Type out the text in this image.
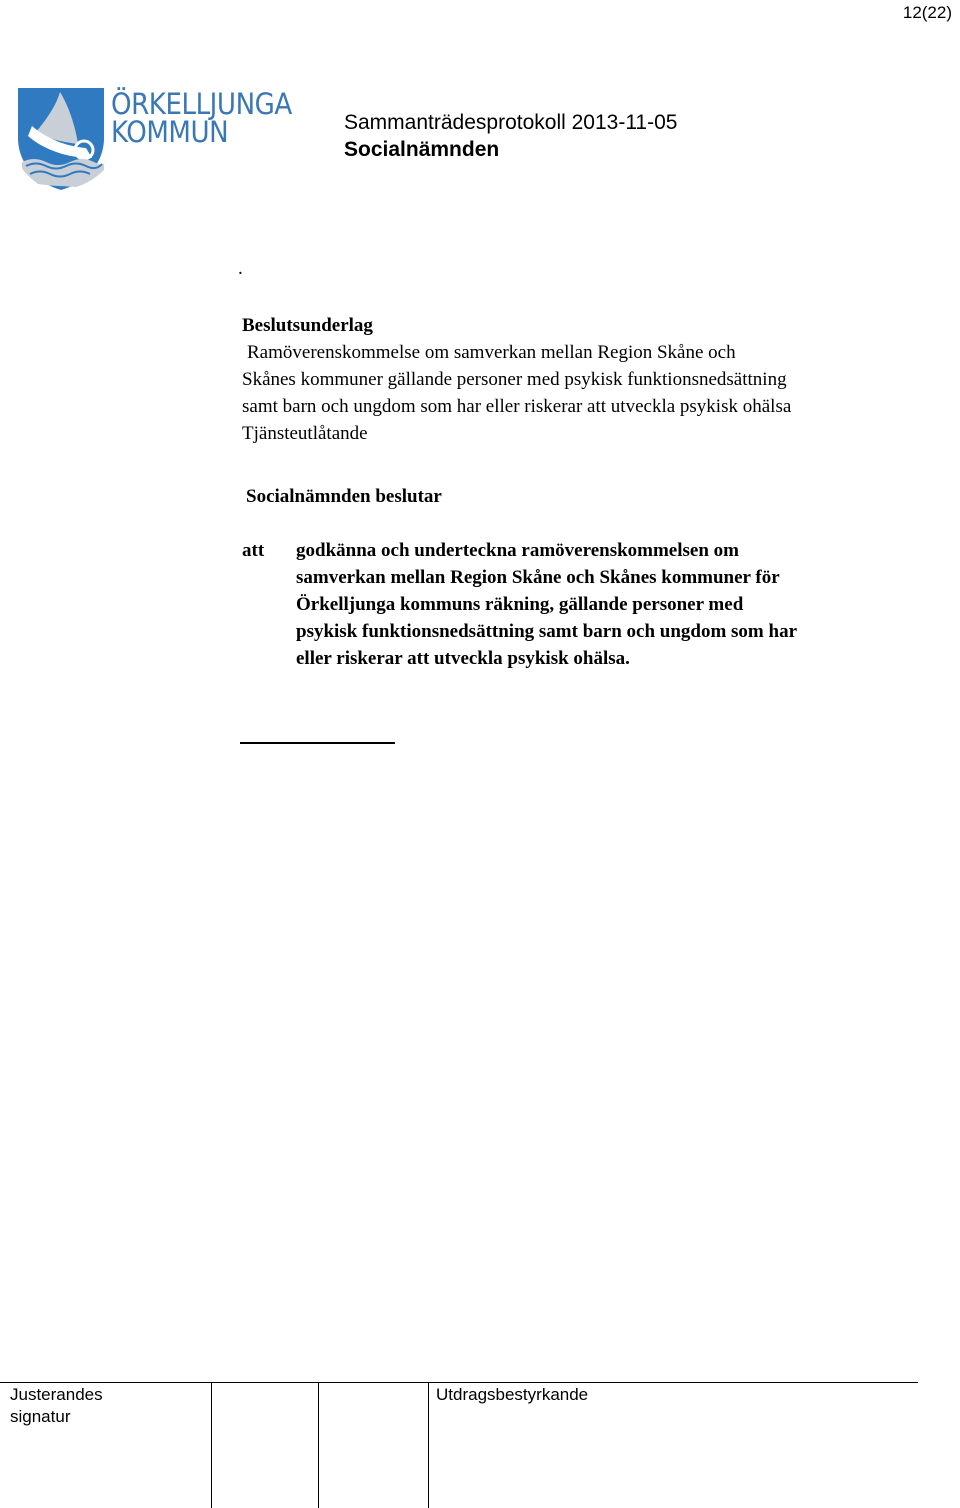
12(22)
ÖRKELLJUNGA
KOMMUN	Sammanträdesprotokoll 2013-11-05
Socialnämnden
.
Beslutsunderlag
Ramöverenskommelse om samverkan mellan Region Skåne och
Skånes kommuner gällande personer med psykisk funktionsnedsättning
samt barn och ungdom som har eller riskerar att utveckla psykisk ohälsa
Tjänsteutlåtande
Socialnämnden beslutar
att godkänna och underteckna ramöverenskommelsen om
samverkan mellan Region Skåne och Skånes kommuner för
Örkelljunga kommuns räkning, gällande personer med
psykisk funktionsnedsättning samt barn och ungdom som har
eller riskerar att utveckla psykisk ohälsa.
Justerandes
signatur
Utdragsbestyrkande
